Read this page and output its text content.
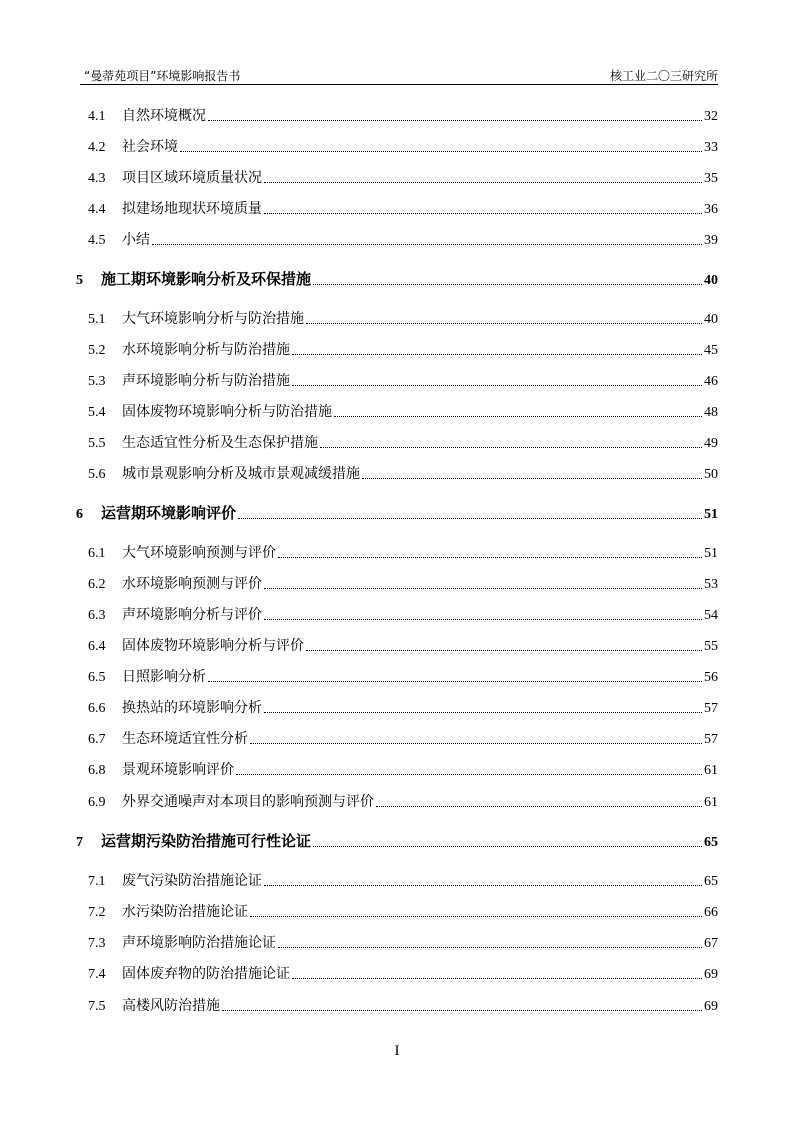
“曼蒂苑项目”环境影响报告书	核工业二〇三研究所
4.1	自然环境概况	32
4.2	社会环境	33
4.3	项目区域环境质量状况	35
4.4	拟建场地现状环境质量	36
4.5	小结	39
5	施工期环境影响分析及环保措施	40
5.1	大气环境影响分析与防治措施	40
5.2	水环境影响分析与防治措施	45
5.3	声环境影响分析与防治措施	46
5.4	固体废物环境影响分析与防治措施	48
5.5	生态适宜性分析及生态保护措施	49
5.6	城市景观影响分析及城市景观减缓措施	50
6	运营期环境影响评价	51
6.1	大气环境影响预测与评价	51
6.2	水环境影响预测与评价	53
6.3	声环境影响分析与评价	54
6.4	固体废物环境影响分析与评价	55
6.5	日照影响分析	56
6.6	换热站的环境影响分析	57
6.7	生态环境适宜性分析	57
6.8	景观环境影响评价	61
6.9	外界交通噪声对本项目的影响预测与评价	61
7	运营期污染防治措施可行性论证	65
7.1	废气污染防治措施论证	65
7.2	水污染防治措施论证	66
7.3	声环境影响防治措施论证	67
7.4	固体废弃物的防治措施论证	69
7.5	高楼风防治措施	69
I
